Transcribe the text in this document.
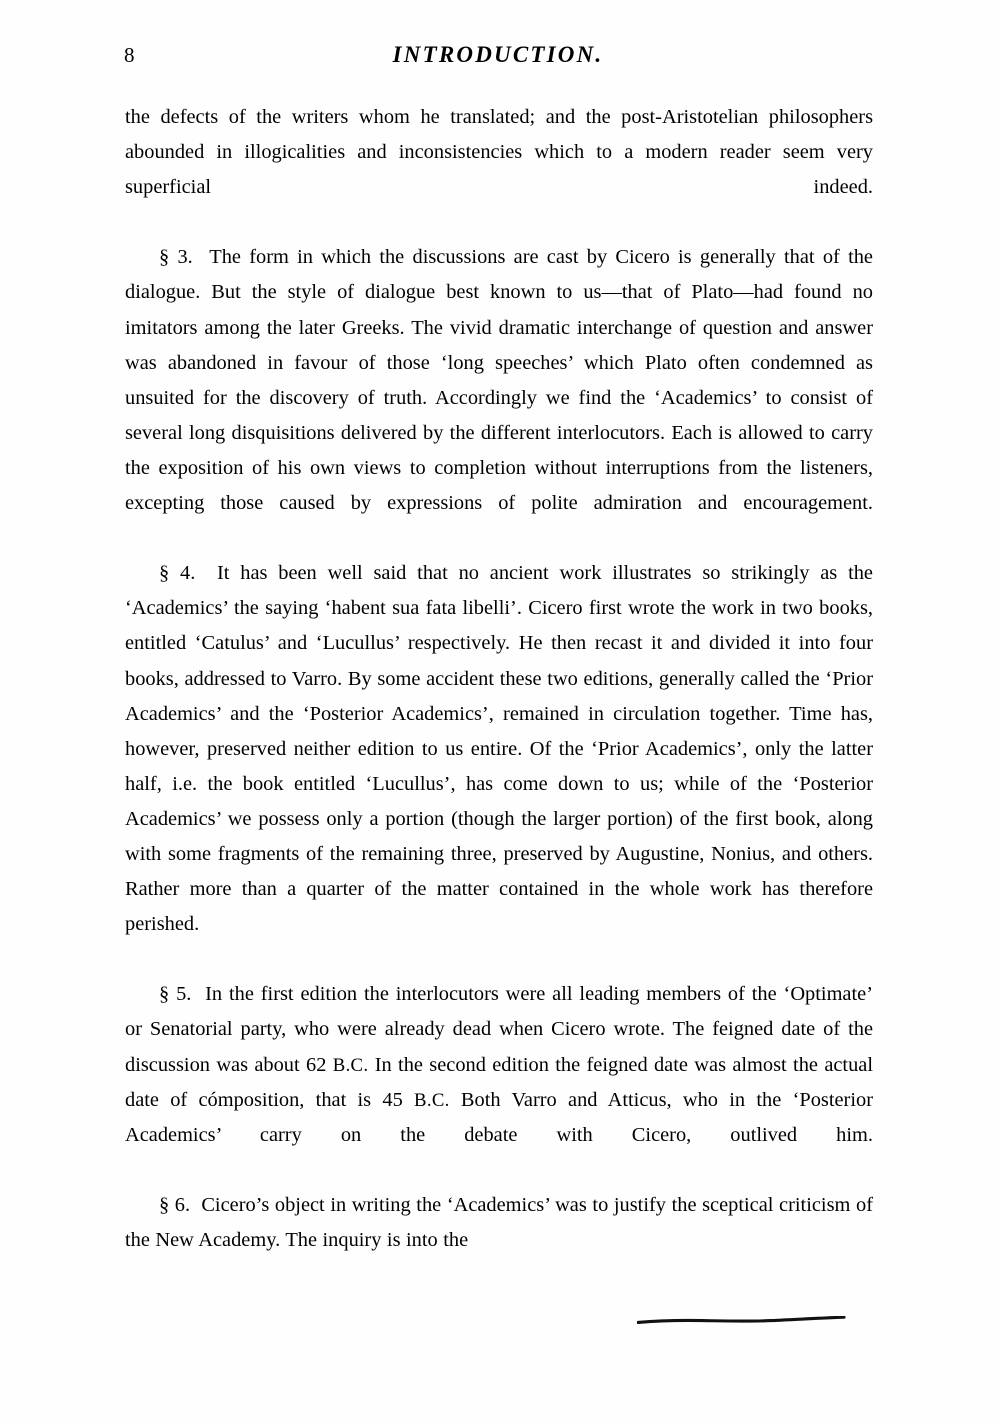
8	INTRODUCTION.

the defects of the writers whom he translated; and the post-Aristotelian philosophers abounded in illogicalities and inconsistencies which to a modern reader seem very superficial indeed.

§ 3. The form in which the discussions are cast by Cicero is generally that of the dialogue. But the style of dialogue best known to us—that of Plato—had found no imitators among the later Greeks. The vivid dramatic interchange of question and answer was abandoned in favour of those ‘long speeches’ which Plato often condemned as unsuited for the discovery of truth. Accordingly we find the ‘Academics’ to consist of several long disquisitions delivered by the different interlocutors. Each is allowed to carry the exposition of his own views to completion without interruptions from the listeners, excepting those caused by expressions of polite admiration and encouragement.

§ 4. It has been well said that no ancient work illustrates so strikingly as the ‘Academics’ the saying ‘habent sua fata libelli’. Cicero first wrote the work in two books, entitled ‘Catulus’ and ‘Lucullus’ respectively. He then recast it and divided it into four books, addressed to Varro. By some accident these two editions, generally called the ‘Prior Academics’ and the ‘Posterior Academics’, remained in circulation together. Time has, however, preserved neither edition to us entire. Of the ‘Prior Academics’, only the latter half, i.e. the book entitled ‘Lucullus’, has come down to us; while of the ‘Posterior Academics’ we possess only a portion (though the larger portion) of the first book, along with some fragments of the remaining three, preserved by Augustine, Nonius, and others. Rather more than a quarter of the matter contained in the whole work has therefore perished.

§ 5. In the first edition the interlocutors were all leading members of the ‘Optimate’ or Senatorial party, who were already dead when Cicero wrote. The feigned date of the discussion was about 62 B.C. In the second edition the feigned date was almost the actual date of cómposition, that is 45 B.C. Both Varro and Atticus, who in the ‘Posterior Academics’ carry on the debate with Cicero, outlived him.

§ 6. Cicero’s object in writing the ‘Academics’ was to justify the sceptical criticism of the New Academy. The inquiry is into the
